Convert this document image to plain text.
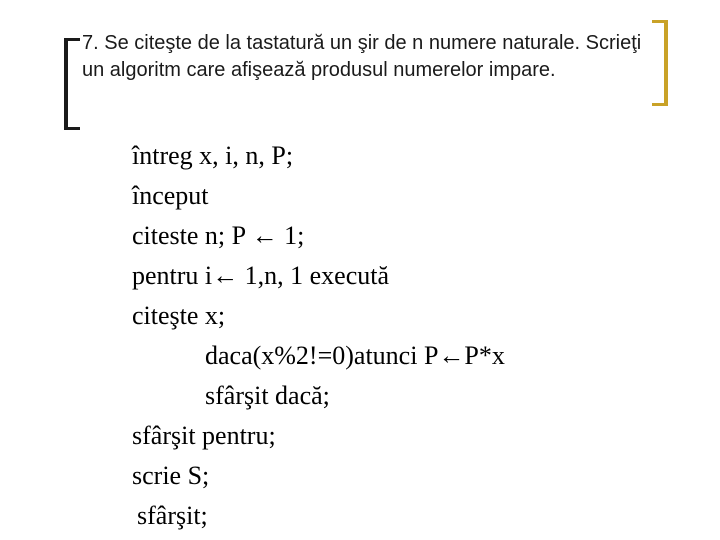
7. Se citeşte de la tastatură un şir de n numere naturale. Scrieţi un algoritm care afişează produsul numerelor impare.

întreg x, i, n, P;
început
citeste n; P ← 1;
pentru i← 1,n, 1 execută
citeşte x;
daca(x%2!=0)atunci P←P*x
sfârşit dacă;
sfârşit pentru;
scrie S;
sfârşit;
